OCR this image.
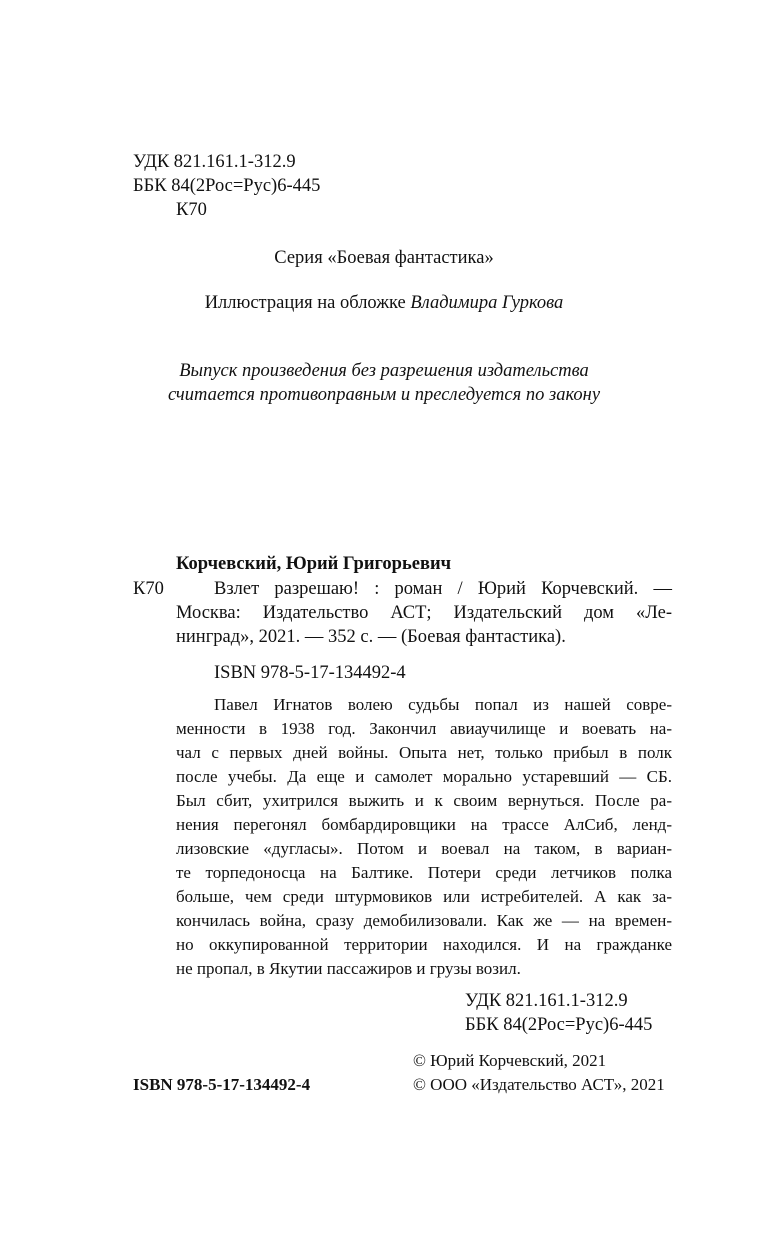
УДК 821.161.1-312.9
ББК 84(2Рос=Рус)6-445
К70
Серия «Боевая фантастика»
Иллюстрация на обложке Владимира Гуркова
Выпуск произведения без разрешения издательства
считается противоправным и преследуется по закону
Корчевский, Юрий Григорьевич
К70	Взлет разрешаю! : роман / Юрий Корчевский. —
Москва: Издательство АСТ; Издательский дом «Ле-
нинград», 2021. — 352 с. — (Боевая фантастика).
ISBN 978-5-17-134492-4
Павел Игнатов волею судьбы попал из нашей совре-
менности в 1938 год. Закончил авиаучилище и воевать на-
чал с первых дней войны. Опыта нет, только прибыл в полк
после учебы. Да еще и самолет морально устаревший — СБ.
Был сбит, ухитрился выжить и к своим вернуться. После ра-
нения перегонял бомбардировщики на трассе АлСиб, ленд-
лизовские «дугласы». Потом и воевал на таком, в вариан-
те торпедоносца на Балтике. Потери среди летчиков полка
больше, чем среди штурмовиков или истребителей. А как за-
кончилась война, сразу демобилизовали. Как же — на времен-
но оккупированной территории находился. И на гражданке
не пропал, в Якутии пассажиров и грузы возил.
УДК 821.161.1-312.9
ББК 84(2Рос=Рус)6-445
© Юрий Корчевский, 2021
ISBN 978-5-17-134492-4	© ООО «Издательство АСТ», 2021
